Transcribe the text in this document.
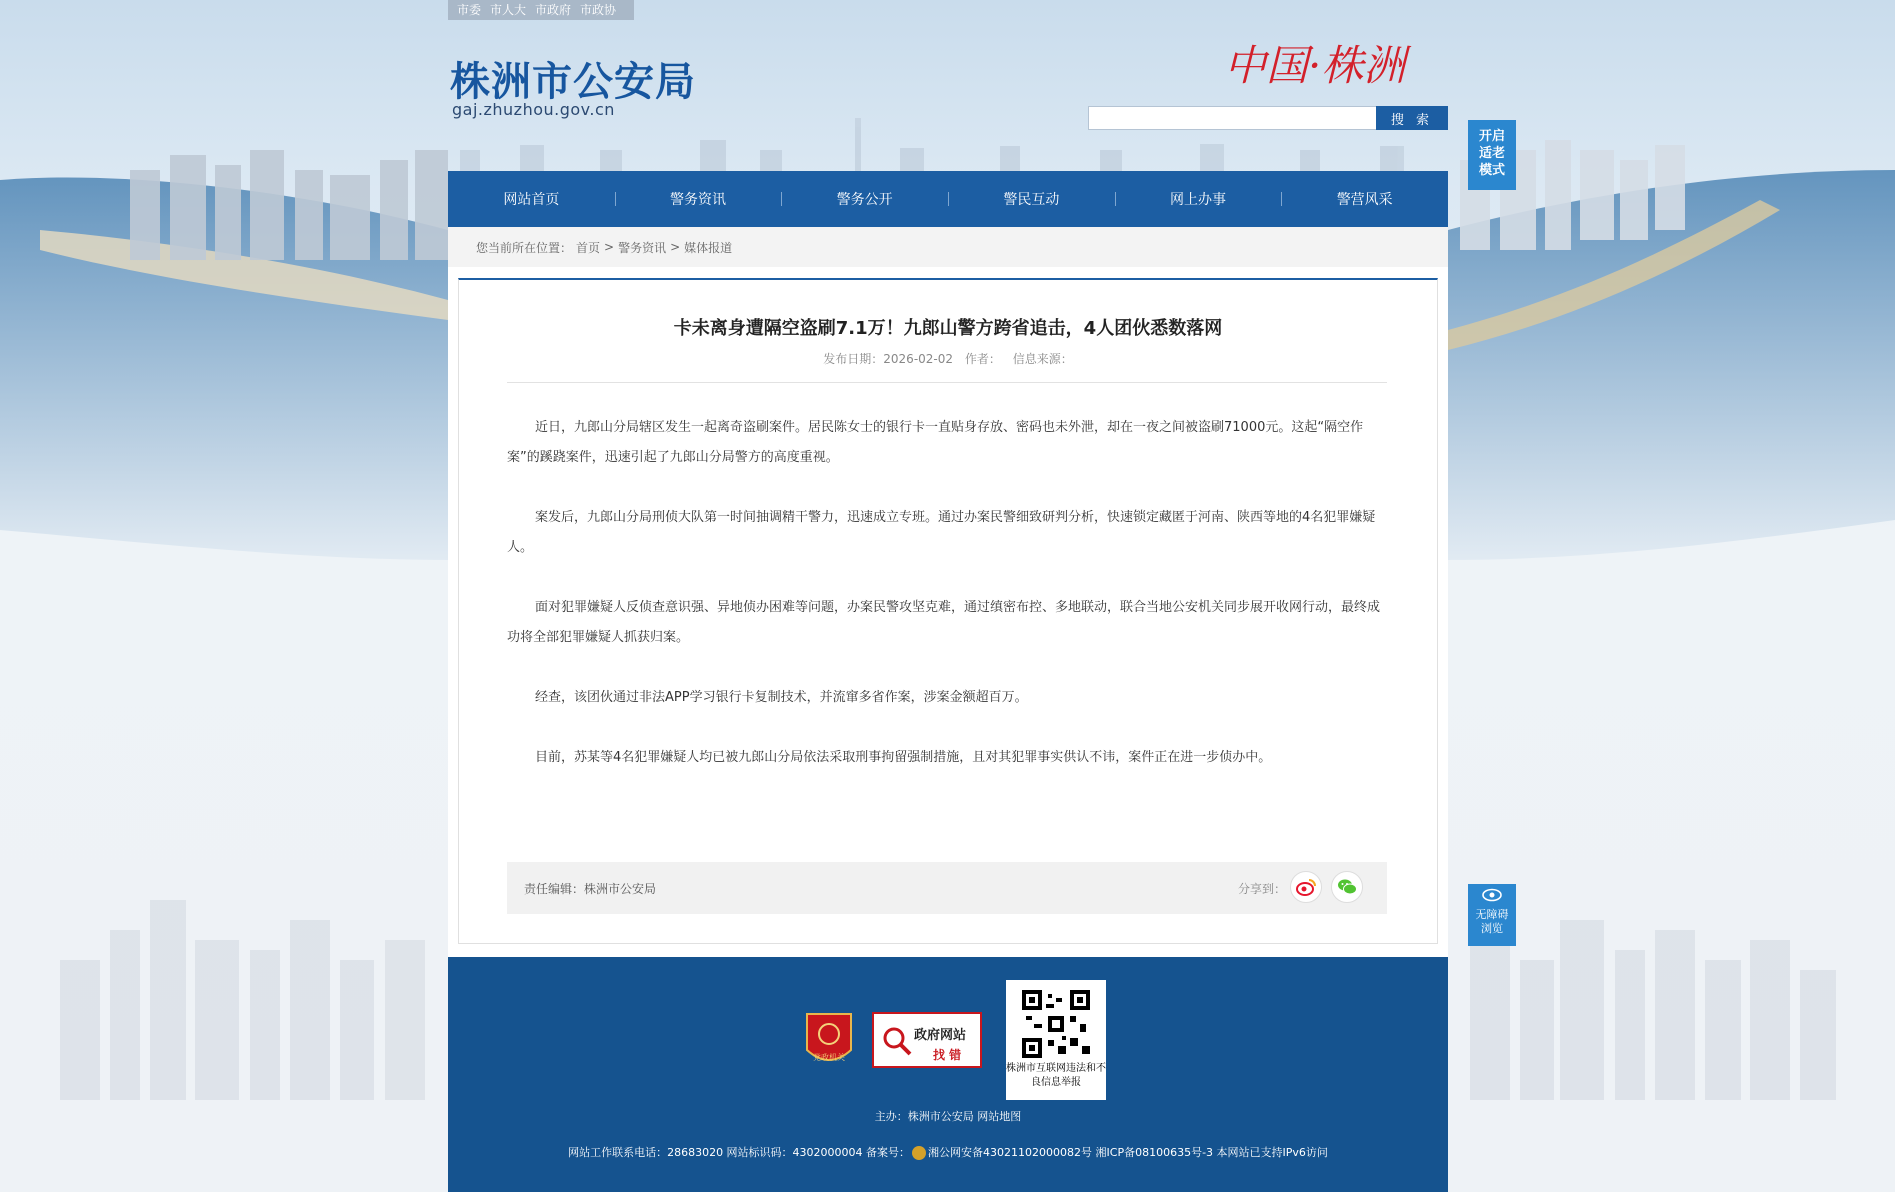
市委 市人大 市政府 市政协
株洲市公安局
gaj.zhuzhou.gov.cn
中国·株洲
搜 索
开启适老模式
网站首页	警务资讯	警务公开	警民互动	网上办事	警营风采
您当前所在位置： 首页 > 警务资讯 > 媒体报道
卡未离身遭隔空盗刷7.1万！九郎山警方跨省追击，4人团伙悉数落网
发布日期：2026-02-02 作者： 信息来源：
近日，九郎山分局辖区发生一起离奇盗刷案件。居民陈女士的银行卡一直贴身存放、密码也未外泄，却在一夜之间被盗刷71000元。这起“隔空作案”的蹊跷案件，迅速引起了九郎山分局警方的高度重视。
案发后，九郎山分局刑侦大队第一时间抽调精干警力，迅速成立专班。通过办案民警细致研判分析，快速锁定藏匿于河南、陕西等地的4名犯罪嫌疑人。
面对犯罪嫌疑人反侦查意识强、异地侦办困难等问题，办案民警攻坚克难，通过缜密布控、多地联动，联合当地公安机关同步展开收网行动，最终成功将全部犯罪嫌疑人抓获归案。
经查，该团伙通过非法APP学习银行卡复制技术，并流窜多省作案，涉案金额超百万。
目前，苏某等4名犯罪嫌疑人均已被九郎山分局依法采取刑事拘留强制措施，且对其犯罪事实供认不讳，案件正在进一步侦办中。
责任编辑：株洲市公安局	分享到：
无障碍浏览
党政机关
政府网站
找 错
株洲市互联网违法和不良信息举报
主办：株洲市公安局 网站地图
网站工作联系电话：28683020 网站标识码：4302000004 备案号： 湘公网安备43021102000082号 湘ICP备08100635号-3 本网站已支持IPv6访问
